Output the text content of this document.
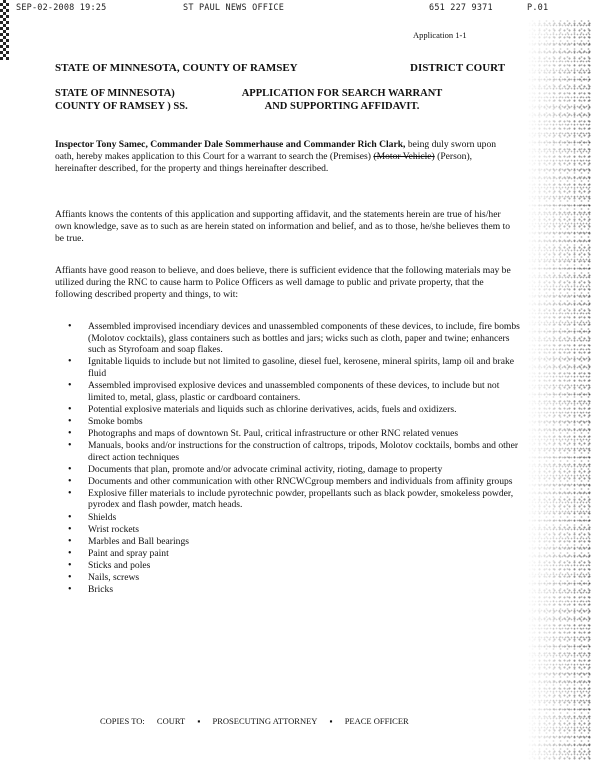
SEP-02-2008 19:25	ST PAUL NEWS OFFICE	651 227 9371	P.01
Application 1-1
STATE OF MINNESOTA, COUNTY OF RAMSEY	DISTRICT COURT
STATE OF MINNESOTA)
COUNTY OF RAMSEY ) SS.
APPLICATION FOR SEARCH WARRANT
AND SUPPORTING AFFIDAVIT.
Inspector Tony Samec, Commander Dale Sommerhause and Commander Rich Clark, being duly sworn upon oath, hereby makes application to this Court for a warrant to search the (Premises) (Motor Vehicle) (Person), hereinafter described, for the property and things hereinafter described.
Affiants knows the contents of this application and supporting affidavit, and the statements herein are true of his/her own knowledge, save as to such as are herein stated on information and belief, and as to those, he/she believes them to be true.
Affiants have good reason to believe, and does believe, there is sufficient evidence that the following materials may be utilized during the RNC to cause harm to Police Officers as well damage to public and private property, that the following described property and things, to wit:
• Assembled improvised incendiary devices and unassembled components of these devices, to include, fire bombs (Molotov cocktails), glass containers such as bottles and jars; wicks such as cloth, paper and twine; enhancers such as Styrofoam and soap flakes.
• Ignitable liquids to include but not limited to gasoline, diesel fuel, kerosene, mineral spirits, lamp oil and brake fluid
• Assembled improvised explosive devices and unassembled components of these devices, to include but not limited to, metal, glass, plastic or cardboard containers.
• Potential explosive materials and liquids such as chlorine derivatives, acids, fuels and oxidizers.
• Smoke bombs
• Photographs and maps of downtown St. Paul, critical infrastructure or other RNC related venues
• Manuals, books and/or instructions for the construction of caltrops, tripods, Molotov cocktails, bombs and other direct action techniques
• Documents that plan, promote and/or advocate criminal activity, rioting, damage to property
• Documents and other communication with other RNCWCgroup members and individuals from affinity groups
• Explosive filler materials to include pyrotechnic powder, propellants such as black powder, smokeless powder, pyrodex and flash powder, match heads.
• Shields
• Wrist rockets
• Marbles and Ball bearings
• Paint and spray paint
• Sticks and poles
• Nails, screws
• Bricks
COPIES TO: COURT ▪ PROSECUTING ATTORNEY ▪ PEACE OFFICER
